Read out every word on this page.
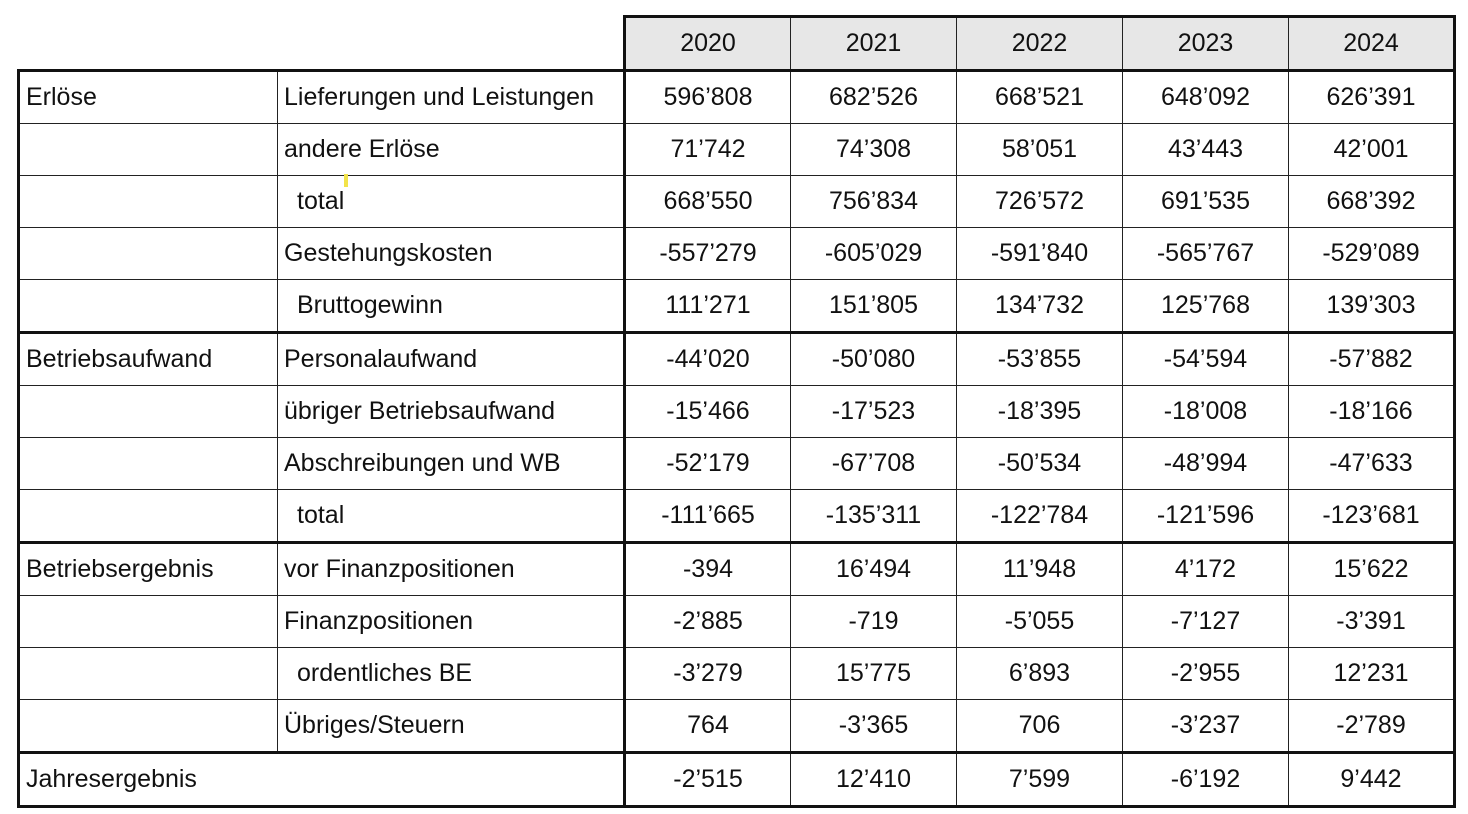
		2020	2021	2022	2023	2024
Erlöse	Lieferungen und Leistungen	596’808	682’526	668’521	648’092	626’391
	andere Erlöse	71’742	74’308	58’051	43’443	42’001
	total	668’550	756’834	726’572	691’535	668’392
	Gestehungskosten	-557’279	-605’029	-591’840	-565’767	-529’089
	Bruttogewinn	111’271	151’805	134’732	125’768	139’303
Betriebsaufwand	Personalaufwand	-44’020	-50’080	-53’855	-54’594	-57’882
	übriger Betriebsaufwand	-15’466	-17’523	-18’395	-18’008	-18’166
	Abschreibungen und WB	-52’179	-67’708	-50’534	-48’994	-47’633
	total	-111’665	-135’311	-122’784	-121’596	-123’681
Betriebsergebnis	vor Finanzpositionen	-394	16’494	11’948	4’172	15’622
	Finanzpositionen	-2’885	-719	-5’055	-7’127	-3’391
	ordentliches BE	-3’279	15’775	6’893	-2’955	12’231
	Übriges/Steuern	764	-3’365	706	-3’237	-2’789
Jahresergebnis		-2’515	12’410	7’599	-6’192	9’442
